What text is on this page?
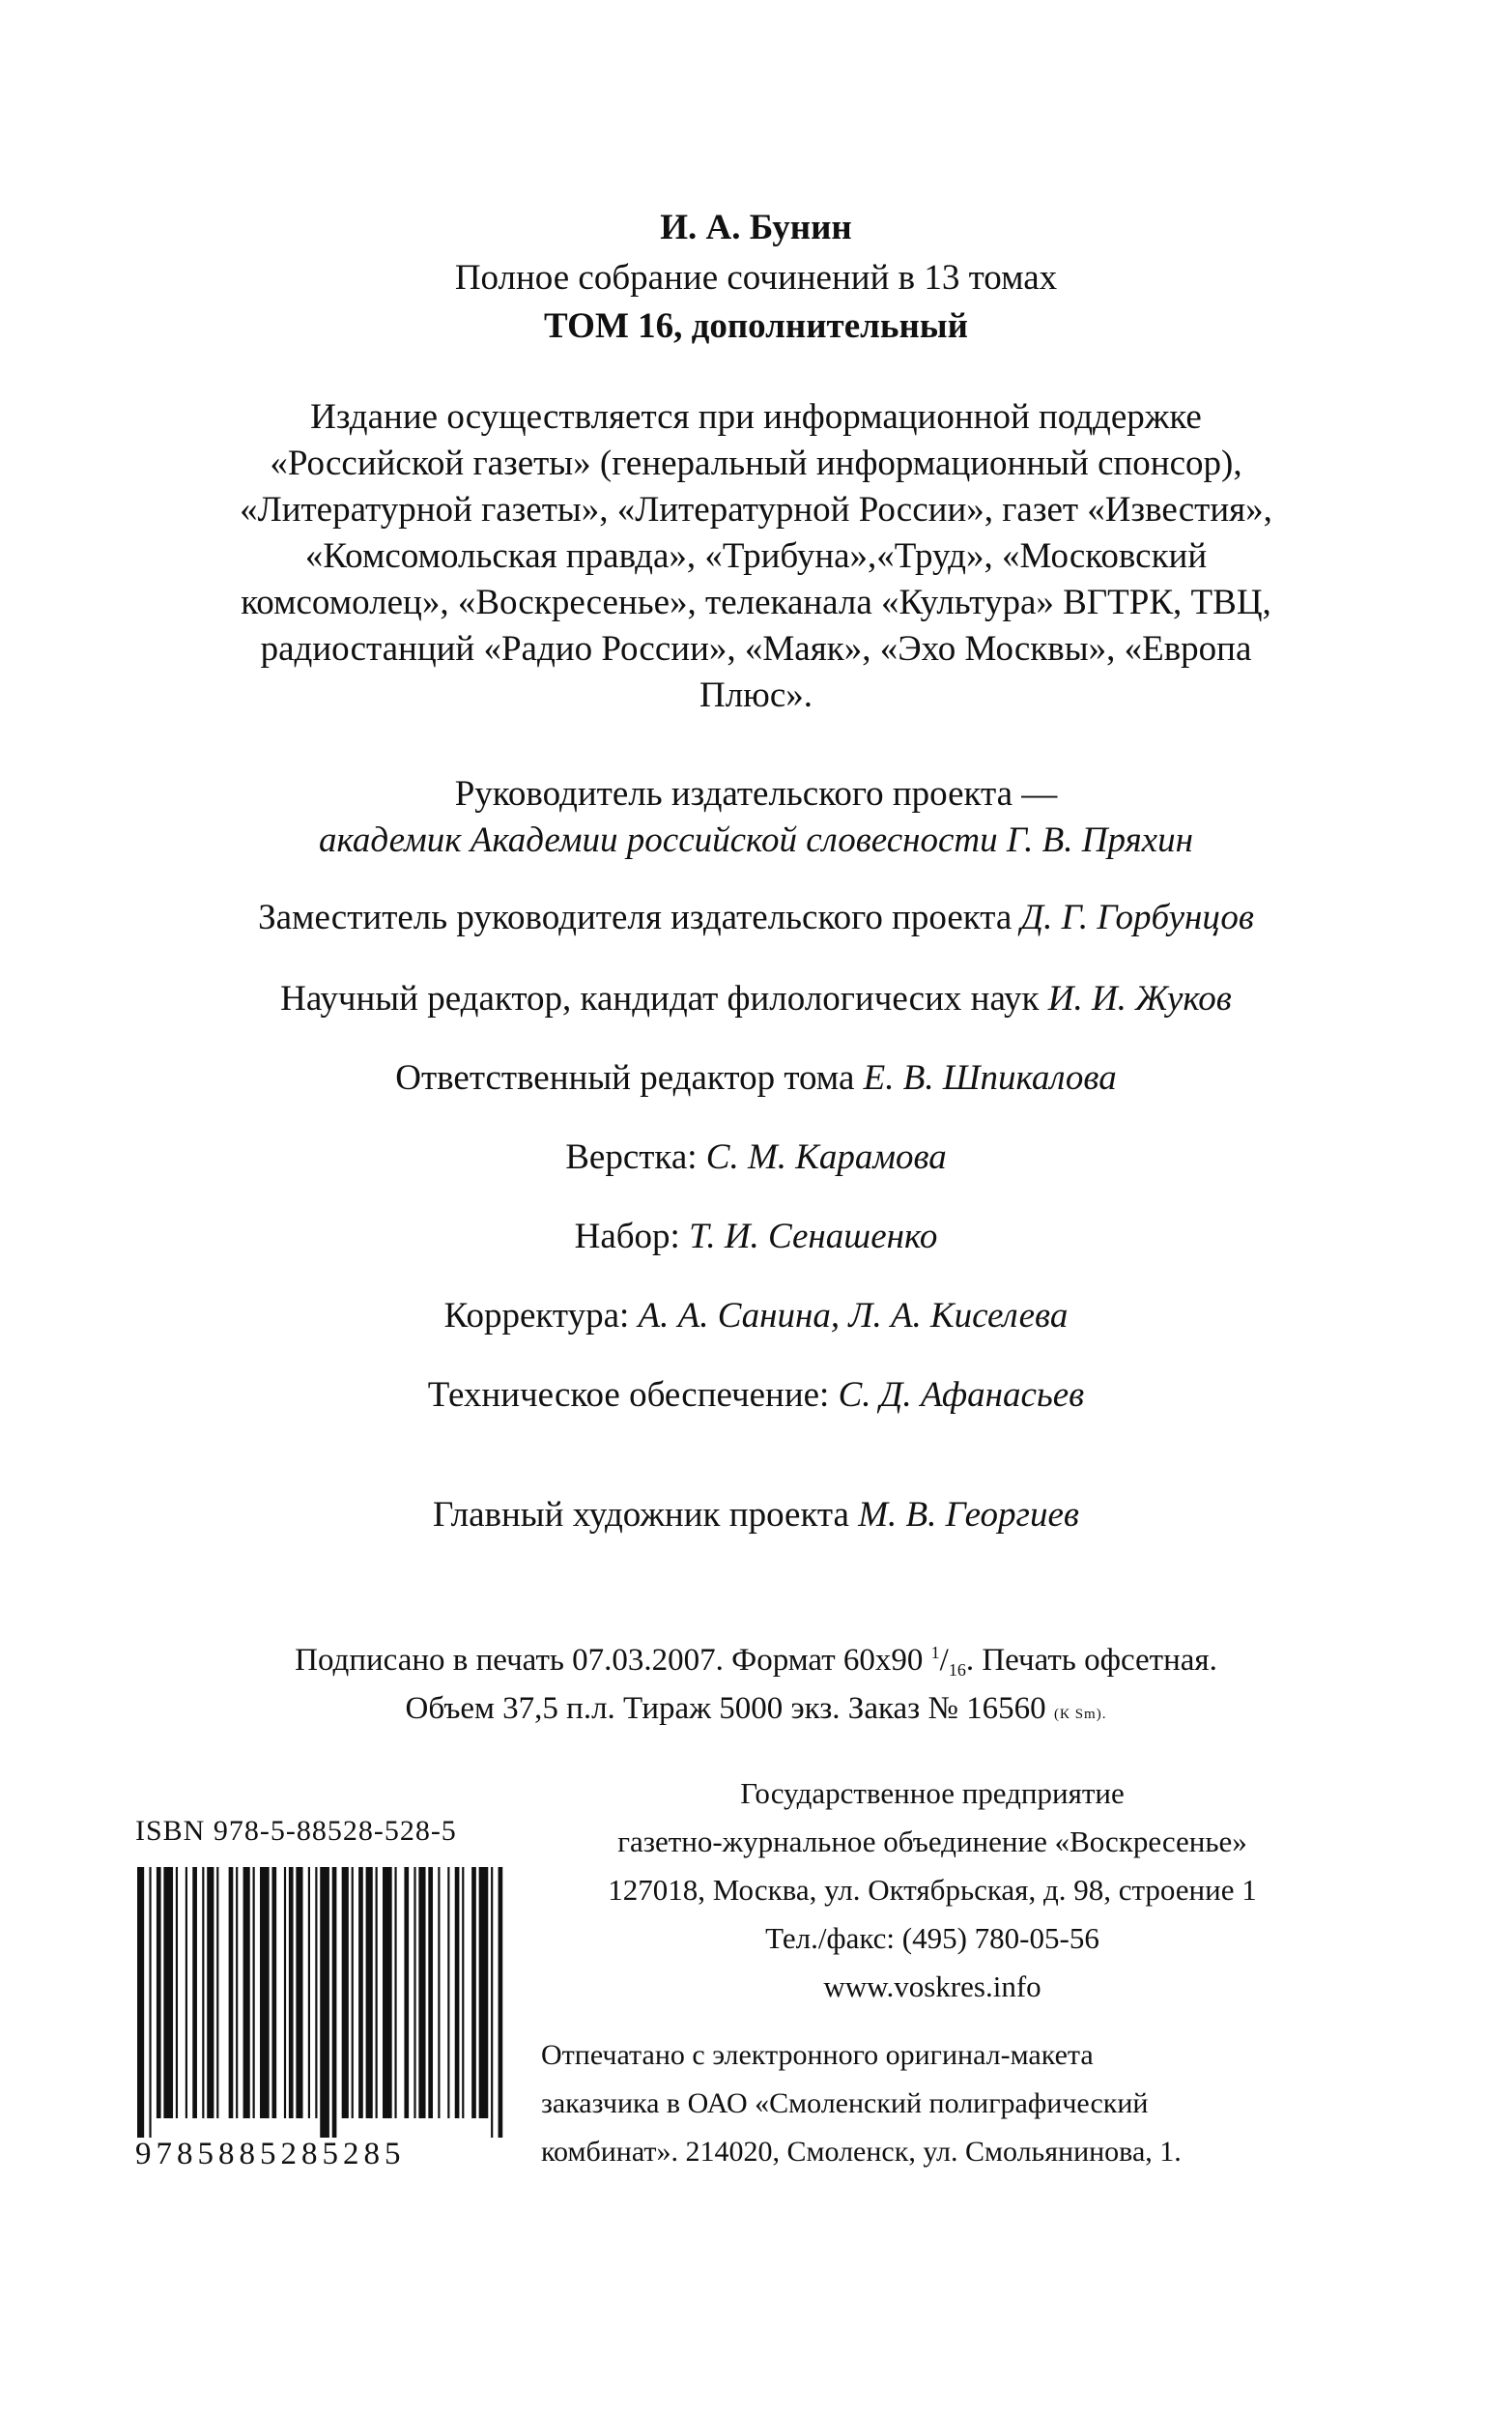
И. А. Бунин
Полное собрание сочинений в 13 томах
ТОМ 16, дополнительный
Издание осуществляется при информационной поддержке
«Российской газеты» (генеральный информационный спонсор),
«Литературной газеты», «Литературной России», газет «Известия»,
«Комсомольская правда», «Трибуна»,«Труд», «Московский
комсомолец», «Воскресенье», телеканала «Культура» ВГТРК, ТВЦ,
радиостанций «Радио России», «Маяк», «Эхо Москвы», «Европа
Плюс».
Руководитель издательского проекта —
академик Академии российской словесности Г. В. Пряхин
Заместитель руководителя издательского проекта Д. Г. Горбунцов
Научный редактор, кандидат филологичесих наук И. И. Жуков
Ответственный редактор тома Е. В. Шпикалова
Верстка: С. М. Карамова
Набор: Т. И. Сенашенко
Корректура: А. А. Санина, Л. А. Киселева
Техническое обеспечение: С. Д. Афанасьев
Главный художник проекта М. В. Георгиев
Подписано в печать 07.03.2007. Формат 60х90 $^1/_{16}$. Печать офсетная.
Объем 37,5 п.л. Тираж 5000 экз. Заказ № 16560 (К Sm).
ISBN 978-5-88528-528-5
9785885285285
Государственное предприятие
газетно-журнальное объединение «Воскресенье»
127018, Москва, ул. Октябрьская, д. 98, строение 1
Тел./факс: (495) 780-05-56
www.voskres.info
Отпечатано с электронного оригинал-макета
заказчика в ОАО «Смоленский полиграфический
комбинат». 214020, Смоленск, ул. Смольянинова, 1.
